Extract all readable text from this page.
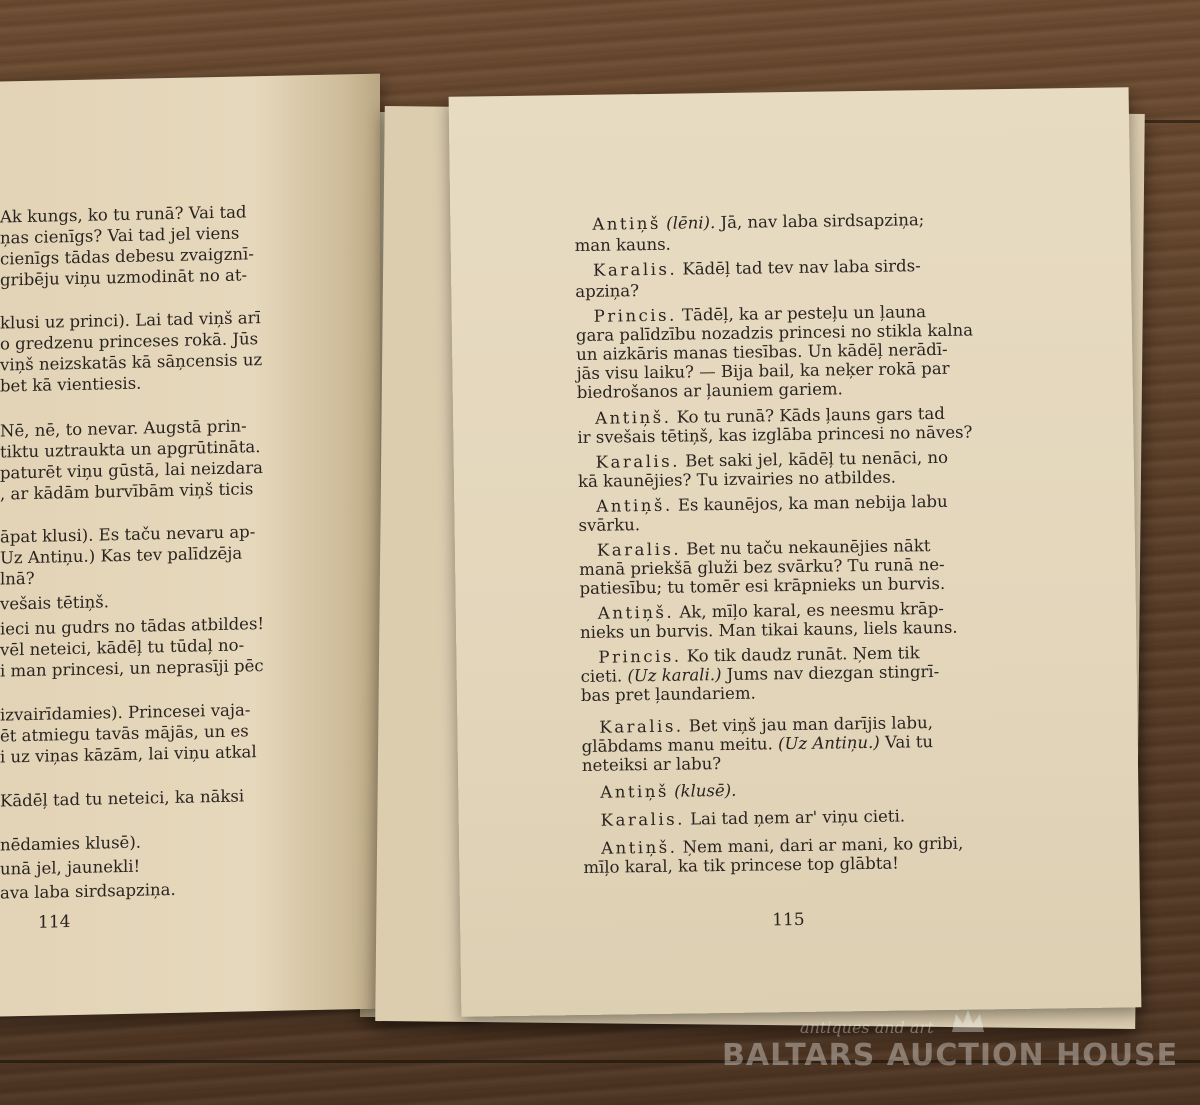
Ak kungs, ko tu runā? Vai tad
ņas cienīgs? Vai tad jel viens
cienīgs tādas debesu zvaigznī-
gribēju viņu uzmodināt no at-
klusi uz princi). Lai tad viņš arī
o gredzenu princeses rokā. Jūs
viņš neizskatās kā sāņcensis uz
bet kā vientiesis.
Nē, nē, to nevar. Augstā prin-
tiktu uztraukta un apgrūtināta.
paturēt viņu gūstā, lai neizdara
, ar kādām burvībām viņš ticis
āpat klusi). Es taču nevaru ap-
Uz Antiņu.) Kas tev palīdzēja
lnā?
vešais tētiņš.
ieci nu gudrs no tādas atbildes!
vēl neteici, kādēļ tu tūdaļ no-
i man princesi, un neprasīji pēc
izvairīdamies). Princesei vaja-
ēt atmiegu tavās mājās, un es
i uz viņas kāzām, lai viņu atkal
Kādēļ tad tu neteici, ka nāksi
nēdamies klusē).
unā jel, jaunekli!
ava laba sirdsapziņa.
114
Antiņš (lēni). Jā, nav laba sirdsapziņa;
man kauns.
Karalis. Kādēļ tad tev nav laba sirds-
apziņa?
Princis. Tādēļ, ka ar pesteļu un ļauna
gara palīdzību nozadzis princesi no stikla kalna
un aizkāris manas tiesības. Un kādēļ nerādī-
jās visu laiku? — Bija bail, ka neķer rokā par
biedrošanos ar ļauniem gariem.
Antiņš. Ko tu runā? Kāds ļauns gars tad
ir svešais tētiņš, kas izglāba princesi no nāves?
Karalis. Bet saki jel, kādēļ tu nenāci, no
kā kaunējies? Tu izvairies no atbildes.
Antiņš. Es kaunējos, ka man nebija labu
svārku.
Karalis. Bet nu taču nekaunējies nākt
manā priekšā gluži bez svārku? Tu runā ne-
patiesību; tu tomēr esi krāpnieks un burvis.
Antiņš. Ak, mīļo karal, es neesmu krāp-
nieks un burvis. Man tikai kauns, liels kauns.
Princis. Ko tik daudz runāt. Ņem tik
cieti. (Uz karali.) Jums nav diezgan stingrī-
bas pret ļaundariem.
Karalis. Bet viņš jau man darījis labu,
glābdams manu meitu. (Uz Antiņu.) Vai tu
neteiksi ar labu?
Antiņš (klusē).
Karalis. Lai tad ņem ar' viņu cieti.
Antiņš. Ņem mani, dari ar mani, ko gribi,
mīļo karal, ka tik princese top glābta!
115
antiques and art
BALTARS AUCTION HOUSE
